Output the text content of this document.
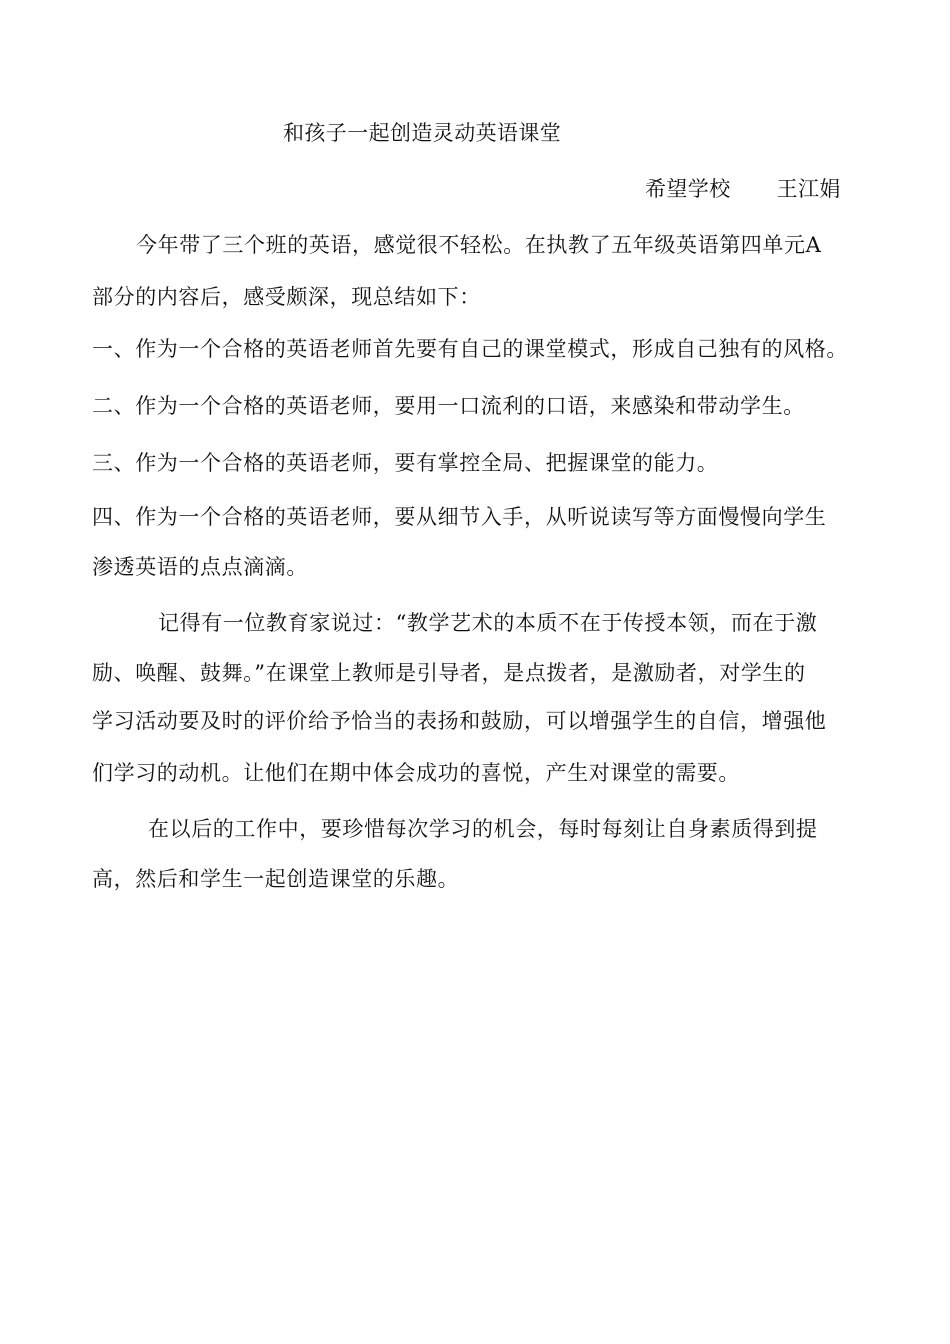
和孩子一起创造灵动英语课堂
希望学校 王江娟
今年带了三个班的英语，感觉很不轻松。在执教了五年级英语第四单元A
部分的内容后，感受颇深，现总结如下：
一、作为一个合格的英语老师首先要有自己的课堂模式，形成自己独有的风格。
二、作为一个合格的英语老师，要用一口流利的口语，来感染和带动学生。
三、作为一个合格的英语老师，要有掌控全局、把握课堂的能力。
四、作为一个合格的英语老师，要从细节入手，从听说读写等方面慢慢向学生
渗透英语的点点滴滴。
记得有一位教育家说过：“教学艺术的本质不在于传授本领，而在于激
励、唤醒、鼓舞。”在课堂上教师是引导者，是点拨者，是激励者，对学生的
学习活动要及时的评价给予恰当的表扬和鼓励，可以增强学生的自信，增强他
们学习的动机。让他们在期中体会成功的喜悦，产生对课堂的需要。
在以后的工作中，要珍惜每次学习的机会，每时每刻让自身素质得到提
高，然后和学生一起创造课堂的乐趣。
